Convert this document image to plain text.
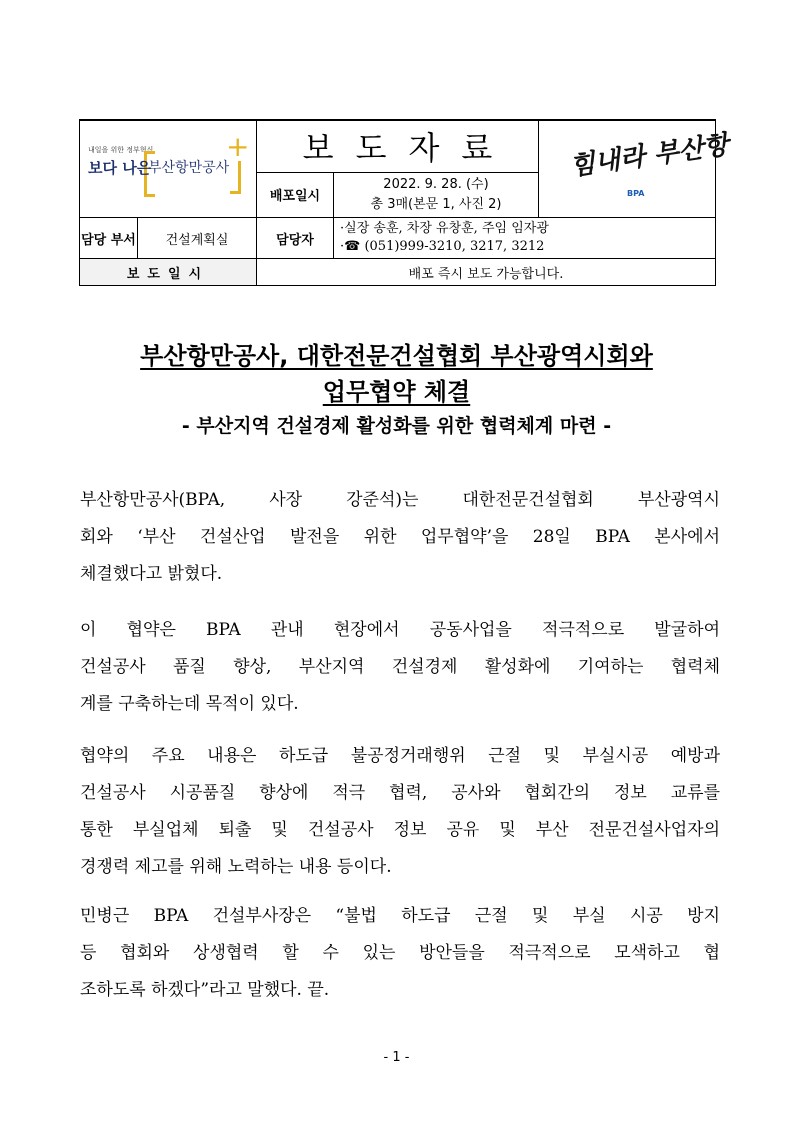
내일을 위한 정부혁신 +
보다 나은
부산항만공사		보도자료		힘내라 부산항
BPA

		배포일시	2022. 9. 28. (수)
총 3매(본문 1, 사진 2)	

담당 부서	건설계획실	담당자	·실장 송훈, 차장 유창훈, 주임 임자광
·☎ (051)999-3210, 3217, 3212	

보도일시		배포 즉시 보도 가능합니다.		
부산항만공사, 대한전문건설협회 부산광역시회와
업무협약 체결
- 부산지역 건설경제 활성화를 위한 협력체계 마련 -
부산항만공사(BPA, 사장 강준석)는 대한전문건설협회 부산광역시
회와 ‘부산 건설산업 발전을 위한 업무협약’을 28일 BPA 본사에서
체결했다고 밝혔다.
이 협약은 BPA 관내 현장에서 공동사업을 적극적으로 발굴하여
건설공사 품질 향상, 부산지역 건설경제 활성화에 기여하는 협력체
계를 구축하는데 목적이 있다.
협약의 주요 내용은 하도급 불공정거래행위 근절 및 부실시공 예방과
건설공사 시공품질 향상에 적극 협력, 공사와 협회간의 정보 교류를
통한 부실업체 퇴출 및 건설공사 정보 공유 및 부산 전문건설사업자의
경쟁력 제고를 위해 노력하는 내용 등이다.
민병근 BPA 건설부사장은 “불법 하도급 근절 및 부실 시공 방지
등 협회와 상생협력 할 수 있는 방안들을 적극적으로 모색하고 협
조하도록 하겠다”라고 말했다. 끝.
- 1 -
